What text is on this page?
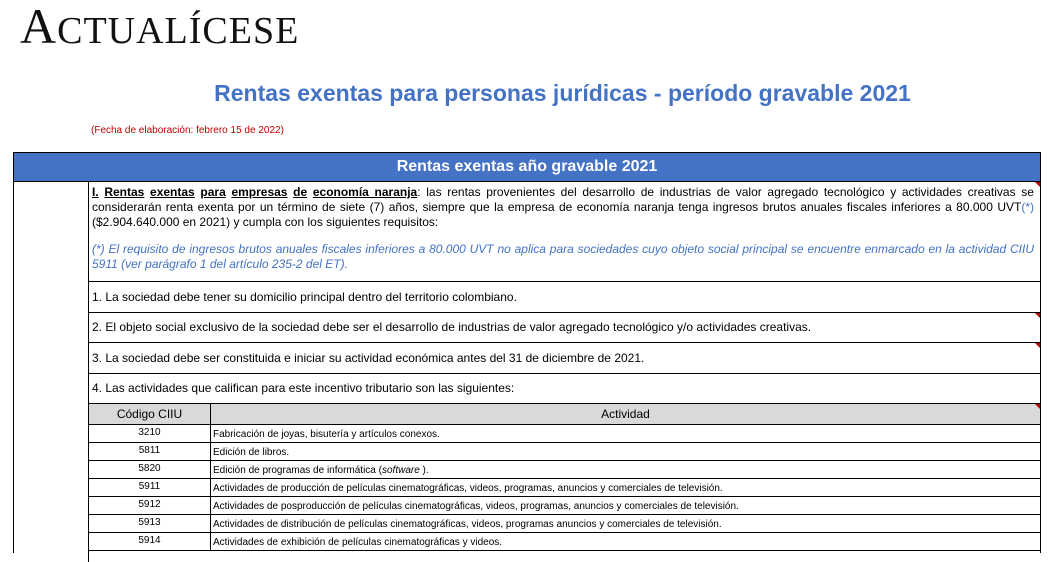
ACTUALÍCESE
Rentas exentas para personas jurídicas - período gravable 2021
(Fecha de elaboración: febrero 15 de 2022)
Rentas exentas año gravable 2021
I. Rentas exentas para empresas de economía naranja: las rentas provenientes del desarrollo de industrias de valor agregado tecnológico y actividades creativas se considerarán renta exenta por un término de siete (7) años, siempre que la empresa de economía naranja tenga ingresos brutos anuales fiscales inferiores a 80.000 UVT(*) ($2.904.640.000 en 2021) y cumpla con los siguientes requisitos:
(*) El requisito de ingresos brutos anuales fiscales inferiores a 80.000 UVT no aplica para sociedades cuyo objeto social principal se encuentre enmarcado en la actividad CIIU 5911 (ver parágrafo 1 del artículo 235-2 del ET).
1. La sociedad debe tener su domicilio principal dentro del territorio colombiano.
2. El objeto social exclusivo de la sociedad debe ser el desarrollo de industrias de valor agregado tecnológico y/o actividades creativas.
3. La sociedad debe ser constituida e iniciar su actividad económica antes del 31 de diciembre de 2021.
4. Las actividades que califican para este incentivo tributario son las siguientes:
Código CIIU	Actividad
3210	Fabricación de joyas, bisutería y artículos conexos.
5811	Edición de libros.
5820	Edición de programas de informática (software ).
5911	Actividades de producción de películas cinematográficas, videos, programas, anuncios y comerciales de televisión.
5912	Actividades de posproducción de películas cinematográficas, videos, programas, anuncios y comerciales de televisión.
5913	Actividades de distribución de películas cinematográficas, videos, programas anuncios y comerciales de televisión.
5914	Actividades de exhibición de películas cinematográficas y videos.
